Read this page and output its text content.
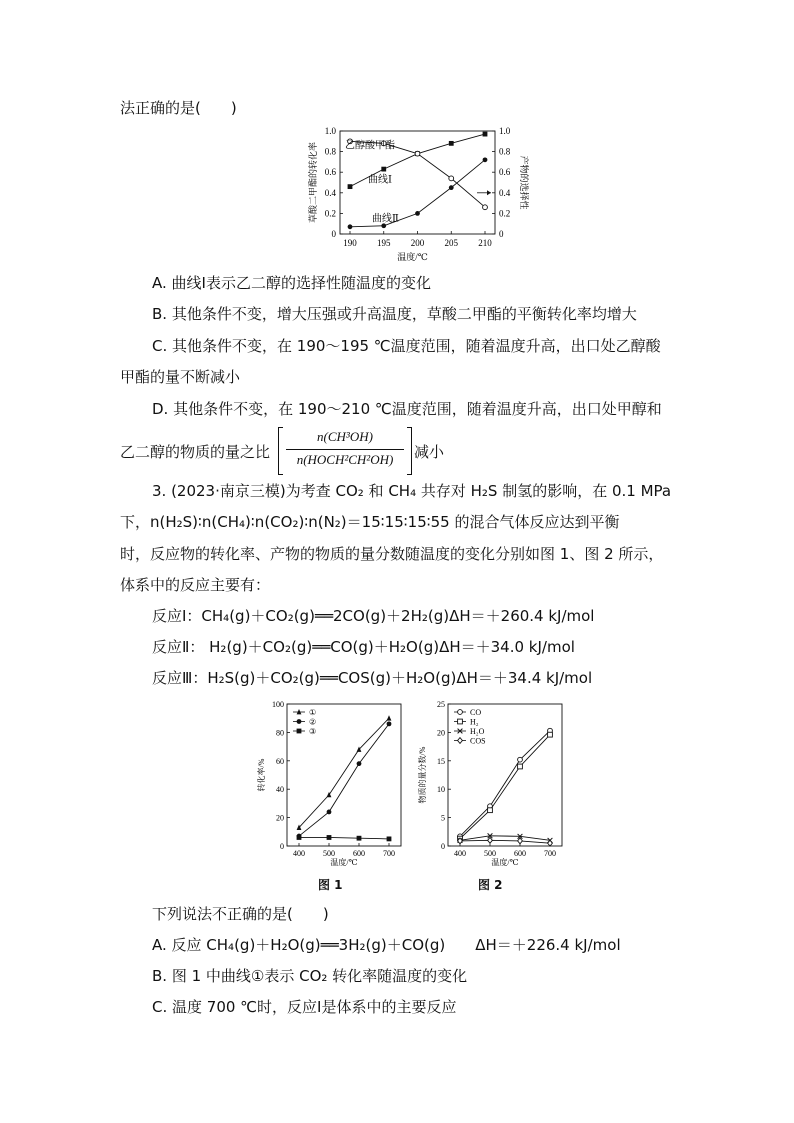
法正确的是(　　)
190 195 200 205 210
0	0
0.2	0.2
0.4	0.4
0.6	0.6
0.8	0.8
1.0	1.0
温度/℃
草酸二甲酯的转化率	产物的选择性
乙醇酸甲酯
曲线Ⅰ
曲线Ⅱ
A. 曲线Ⅰ表示乙二醇的选择性随温度的变化
B. 其他条件不变，增大压强或升高温度，草酸二甲酯的平衡转化率均增大
C. 其他条件不变，在 190～195 ℃温度范围，随着温度升高，出口处乙醇酸
甲酯的量不断减小
D. 其他条件不变，在 190～210 ℃温度范围，随着温度升高，出口处甲醇和
乙二醇的物质的量之比
n(CH³OH)
n(HOCH²CH²OH)	减小
3. (2023·南京三模)为考查 CO₂ 和 CH₄ 共存对 H₂S 制氢的影响，在 0.1 MPa
下，n(H₂S)∶n(CH₄)∶n(CO₂)∶n(N₂)＝15∶15∶15∶55 的混合气体反应达到平衡
时，反应物的转化率、产物的物质的量分数随温度的变化分别如图 1、图 2 所示，
体系中的反应主要有：
反应Ⅰ：CH₄(g)＋CO₂(g)══2CO(g)＋2H₂(g)ΔH＝＋260.4 kJ/mol
反应Ⅱ： H₂(g)＋CO₂(g)══CO(g)＋H₂O(g)ΔH＝＋34.0 kJ/mol
反应Ⅲ：H₂S(g)＋CO₂(g)══COS(g)＋H₂O(g)ΔH＝＋34.4 kJ/mol
400 500 600 700
0
20
40
60
80
100
温度/℃
转化率/%
①
②
③
图 1
400 500 600 700
0
5
10
15
20
25
温度/℃
物质的量分数/%
CO
H₂
H₂O
COS
图 2
下列说法不正确的是(　　)
A. 反应 CH₄(g)＋H₂O(g)══3H₂(g)＋CO(g)　　ΔH＝＋226.4 kJ/mol
B. 图 1 中曲线①表示 CO₂ 转化率随温度的变化
C. 温度 700 ℃时，反应Ⅰ是体系中的主要反应
